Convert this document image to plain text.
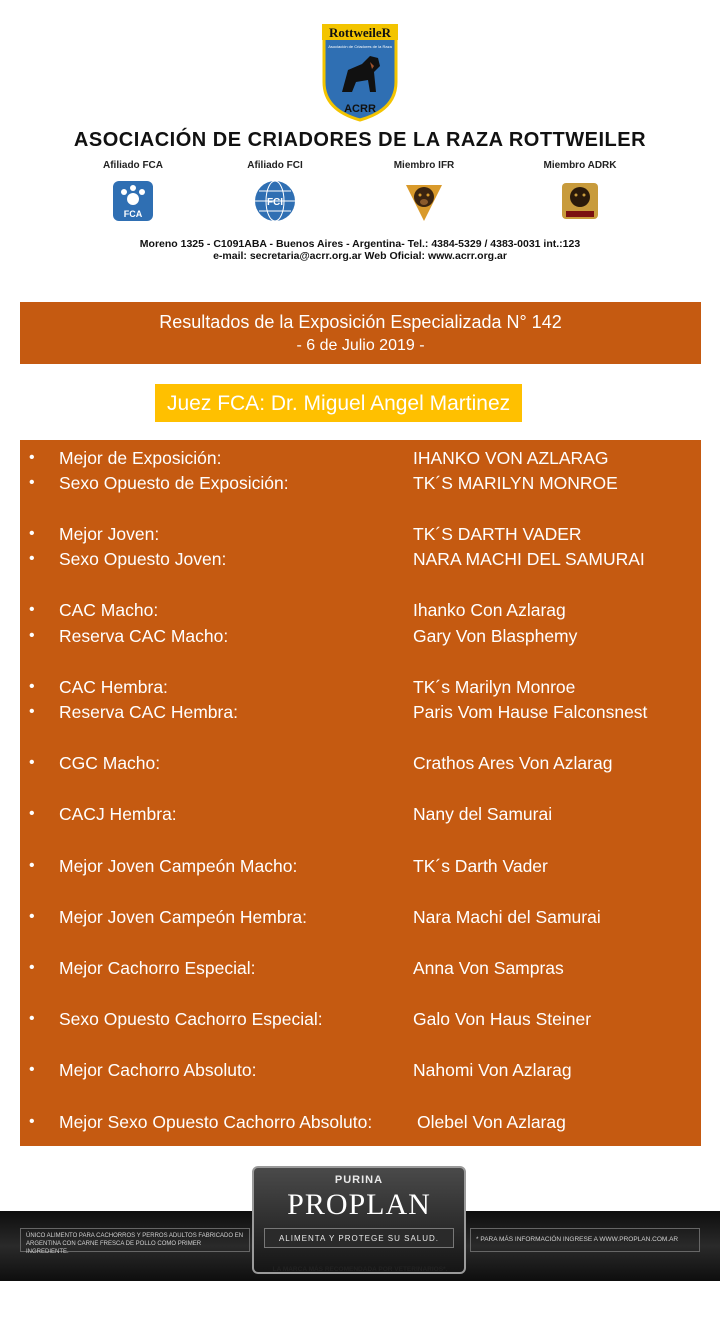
RottweileR
Asociación de Criadores de la Raza
ACRR
ASOCIACIÓN DE CRIADORES DE LA RAZA ROTTWEILER
Afiliado FCA
FCA
Afiliado FCI
FCI
Miembro IFR	Miembro ADRK
Moreno 1325 - C1091ABA - Buenos Aires - Argentina- Tel.: 4384-5329 / 4383-0031 int.:123
e-mail: secretaria@acrr.org.ar Web Oficial: www.acrr.org.ar
Resultados de la Exposición Especializada N° 142
- 6 de Julio 2019 -
Juez FCA: Dr. Miguel Angel Martinez
• Mejor de Exposición:	IHANKO VON AZLARAG
• Sexo Opuesto de Exposición:	TK´S MARILYN MONROE
• Mejor Joven:	TK´S DARTH VADER
• Sexo Opuesto Joven:	NARA MACHI DEL SAMURAI
• CAC Macho:	Ihanko Con Azlarag
• Reserva CAC Macho:	Gary Von Blasphemy
• CAC Hembra:	TK´s Marilyn Monroe
• Reserva CAC Hembra:	Paris Vom Hause Falconsnest
• CGC Macho:	Crathos Ares Von Azlarag
• CACJ Hembra:	Nany del Samurai
• Mejor Joven Campeón Macho:	TK´s Darth Vader
• Mejor Joven Campeón Hembra:	Nara Machi del Samurai
• Mejor Cachorro Especial:	Anna Von Sampras
• Sexo Opuesto Cachorro Especial:	Galo Von Haus Steiner
• Mejor Cachorro Absoluto:	Nahomi Von Azlarag
• Mejor Sexo Opuesto Cachorro Absoluto:	Olebel Von Azlarag
ÚNICO ALIMENTO PARA CACHORROS Y PERROS ADULTOS FABRICADO EN ARGENTINA CON CARNE FRESCA DE POLLO COMO PRIMER INGREDIENTE.
* PARA MÁS INFORMACIÓN INGRESE A WWW.PROPLAN.COM.AR
PURINA
PROPLAN
ALIMENTA Y PROTEGE SU SALUD.
LA MARCA MÁS RECOMENDADA POR VETERINARIOS*.
